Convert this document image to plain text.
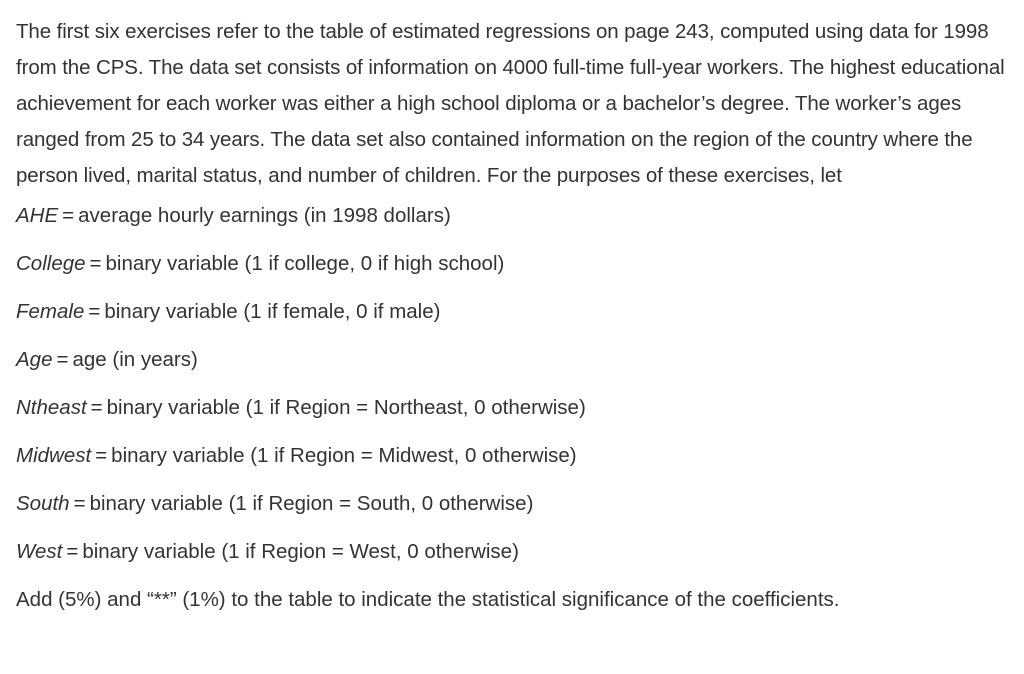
The first six exercises refer to the table of estimated regressions on page 243, computed using data for 1998 from the CPS. The data set consists of information on 4000 full-time full-year workers. The highest educational achievement for each worker was either a high school diploma or a bachelor’s degree. The worker’s ages ranged from 25 to 34 years. The data set also contained information on the region of the country where the person lived, marital status, and number of children. For the purposes of these exercises, let

AHE = average hourly earnings (in 1998 dollars)
College = binary variable (1 if college, 0 if high school)
Female = binary variable (1 if female, 0 if male)
Age = age (in years)
Ntheast = binary variable (1 if Region = Northeast, 0 otherwise)
Midwest = binary variable (1 if Region = Midwest, 0 otherwise)
South = binary variable (1 if Region = South, 0 otherwise)
West = binary variable (1 if Region = West, 0 otherwise)

Add (5%) and “**” (1%) to the table to indicate the statistical significance of the coefficients.
